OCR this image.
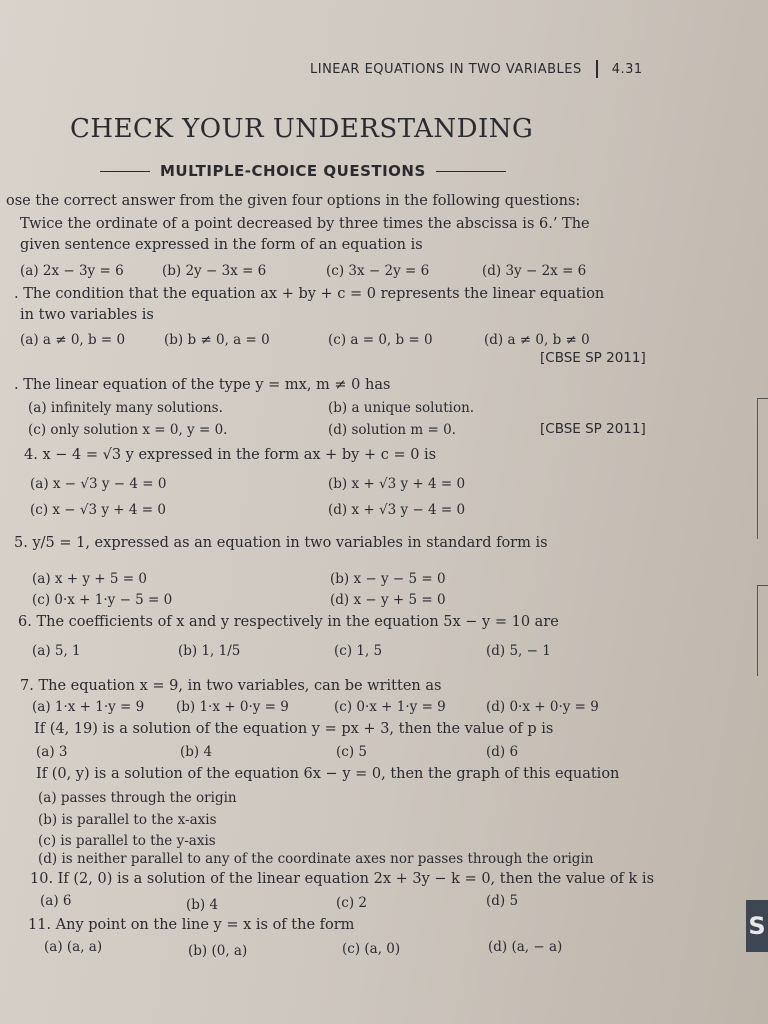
LINEAR EQUATIONS IN TWO VARIABLES 4.31
CHECK YOUR UNDERSTANDING
MULTIPLE-CHOICE QUESTIONS
ose the correct answer from the given four options in the following questions:
Twice the ordinate of a point decreased by three times the abscissa is 6.’ The
given sentence expressed in the form of an equation is
(a) 2x − 3y = 6	(b) 2y − 3x = 6	(c) 3x − 2y = 6	(d) 3y − 2x = 6
. The condition that the equation ax + by + c = 0 represents the linear equation
in two variables is
(a) a ≠ 0, b = 0	(b) b ≠ 0, a = 0	(c) a = 0, b = 0	(d) a ≠ 0, b ≠ 0
[CBSE SP 2011]
. The linear equation of the type y = mx, m ≠ 0 has
(a) infinitely many solutions.	(b) a unique solution.
(c) only solution x = 0, y = 0.	(d) solution m = 0.	[CBSE SP 2011]
4. x − 4 = √3 y expressed in the form ax + by + c = 0 is
(a) x − √3 y − 4 = 0	(b) x + √3 y + 4 = 0
(c) x − √3 y + 4 = 0	(d) x + √3 y − 4 = 0
5. y/5 = 1, expressed as an equation in two variables in standard form is
(a) x + y + 5 = 0	(b) x − y − 5 = 0
(c) 0·x + 1·y − 5 = 0	(d) x − y + 5 = 0
6. The coefficients of x and y respectively in the equation 5x − y = 10 are
(a) 5, 1	(b) 1, 1/5	(c) 1, 5	(d) 5, − 1
7. The equation x = 9, in two variables, can be written as
(a) 1·x + 1·y = 9 (b) 1·x + 0·y = 9	(c) 0·x + 1·y = 9	(d) 0·x + 0·y = 9
If (4, 19) is a solution of the equation y = px + 3, then the value of p is
(a) 3	(b) 4	(c) 5	(d) 6
If (0, y) is a solution of the equation 6x − y = 0, then the graph of this equation
(a) passes through the origin
(b) is parallel to the x-axis
(c) is parallel to the y-axis
(d) is neither parallel to any of the coordinate axes nor passes through the origin
10. If (2, 0) is a solution of the linear equation 2x + 3y − k = 0, then the value of k is
(a) 6	(b) 4	(c) 2	(d) 5
11. Any point on the line y = x is of the form
(a) (a, a)	(b) (0, a)	(c) (a, 0)	(d) (a, − a)
S
